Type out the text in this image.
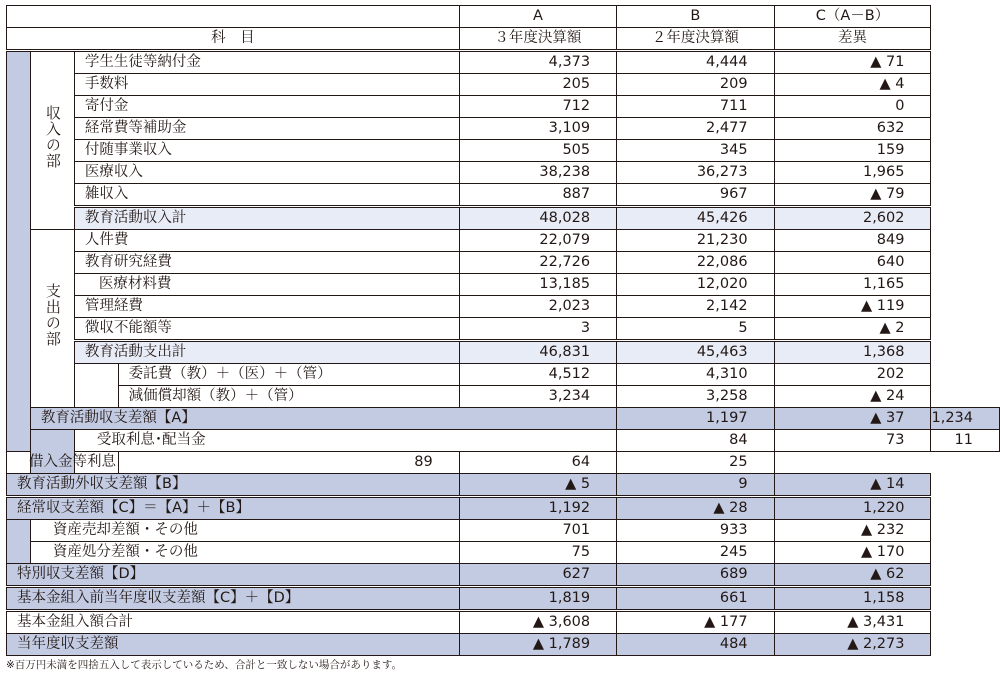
				A	B	C（A－B）	
科　目				３年度決算額	２年度決算額	差異	
	収入の部	学生生徒等納付金		4,373	4,444	▲ 71	
		手数料		205	209	▲ 4	
		寄付金		712	711	0	
		経常費等補助金		3,109	2,477	632	
		付随事業収入		505	345	159	
		医療収入		38,238	36,273	1,965	
		雑収入		887	967	▲ 79	
		教育活動収入計		48,028	45,426	2,602	
	支出の部	人件費		22,079	21,230	849	
		教育研究経費		22,726	22,086	640	
		医療材料費		13,185	12,020	1,165	
		管理経費		2,023	2,142	▲ 119	
		徴収不能額等		3	5	▲ 2	
		教育活動支出計		46,831	45,463	1,368	
			委託費（教）＋（医）＋（管）	4,512	4,310	202	
			減価償却額（教）＋（管）	3,234	3,258	▲ 24	
	教育活動収支差額【A】				1,197	▲ 37	1,234
		受取利息･配当金			84	73	11
借入金等利息			89	64	25		
教育活動外収支差額【B】				▲ 5	9	▲ 14	
経常収支差額【C】＝【A】＋【B】				1,192	▲ 28	1,220	
	資産売却差額・その他			701	933	▲ 232	
	資産処分差額・その他			75	245	▲ 170	
特別収支差額【D】				627	689	▲ 62	
基本金組入前当年度収支差額【C】＋【D】				1,819	661	1,158	
基本金組入額合計				▲ 3,608	▲ 177	▲ 3,431	
当年度収支差額				▲ 1,789	484	▲ 2,273	
※百万円未満を四捨五入して表示しているため、合計と一致しない場合があります。
